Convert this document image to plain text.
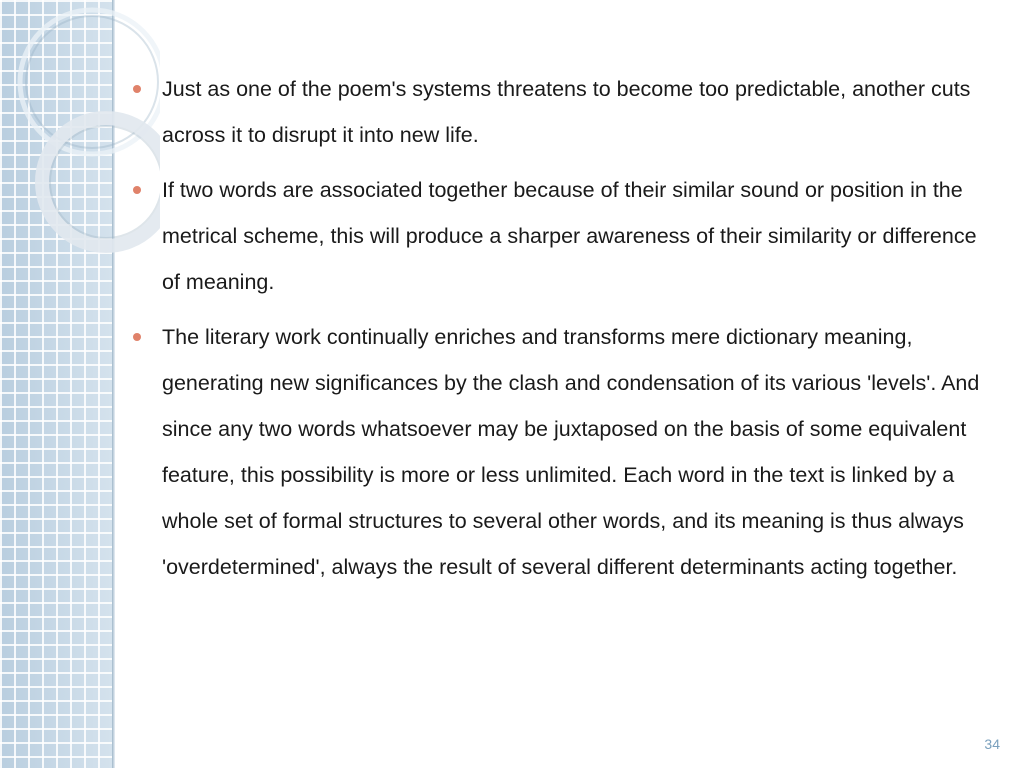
Just as one of the poem's systems threatens to become too predictable, another cuts across it to disrupt it into new life.
If two words are associated together because of their similar sound or position in the metrical scheme, this will produce a sharper awareness of their similarity or difference of meaning.
The literary work continually enriches and transforms mere dictionary meaning, generating new significances by the clash and condensation of its various 'levels'. And since any two words whatsoever may be juxtaposed on the basis of some equivalent feature, this possibility is more or less unlimited. Each word in the text is linked by a whole set of formal structures to several other words, and its meaning is thus always 'overdetermined', always the result of several different determinants acting together.
34
